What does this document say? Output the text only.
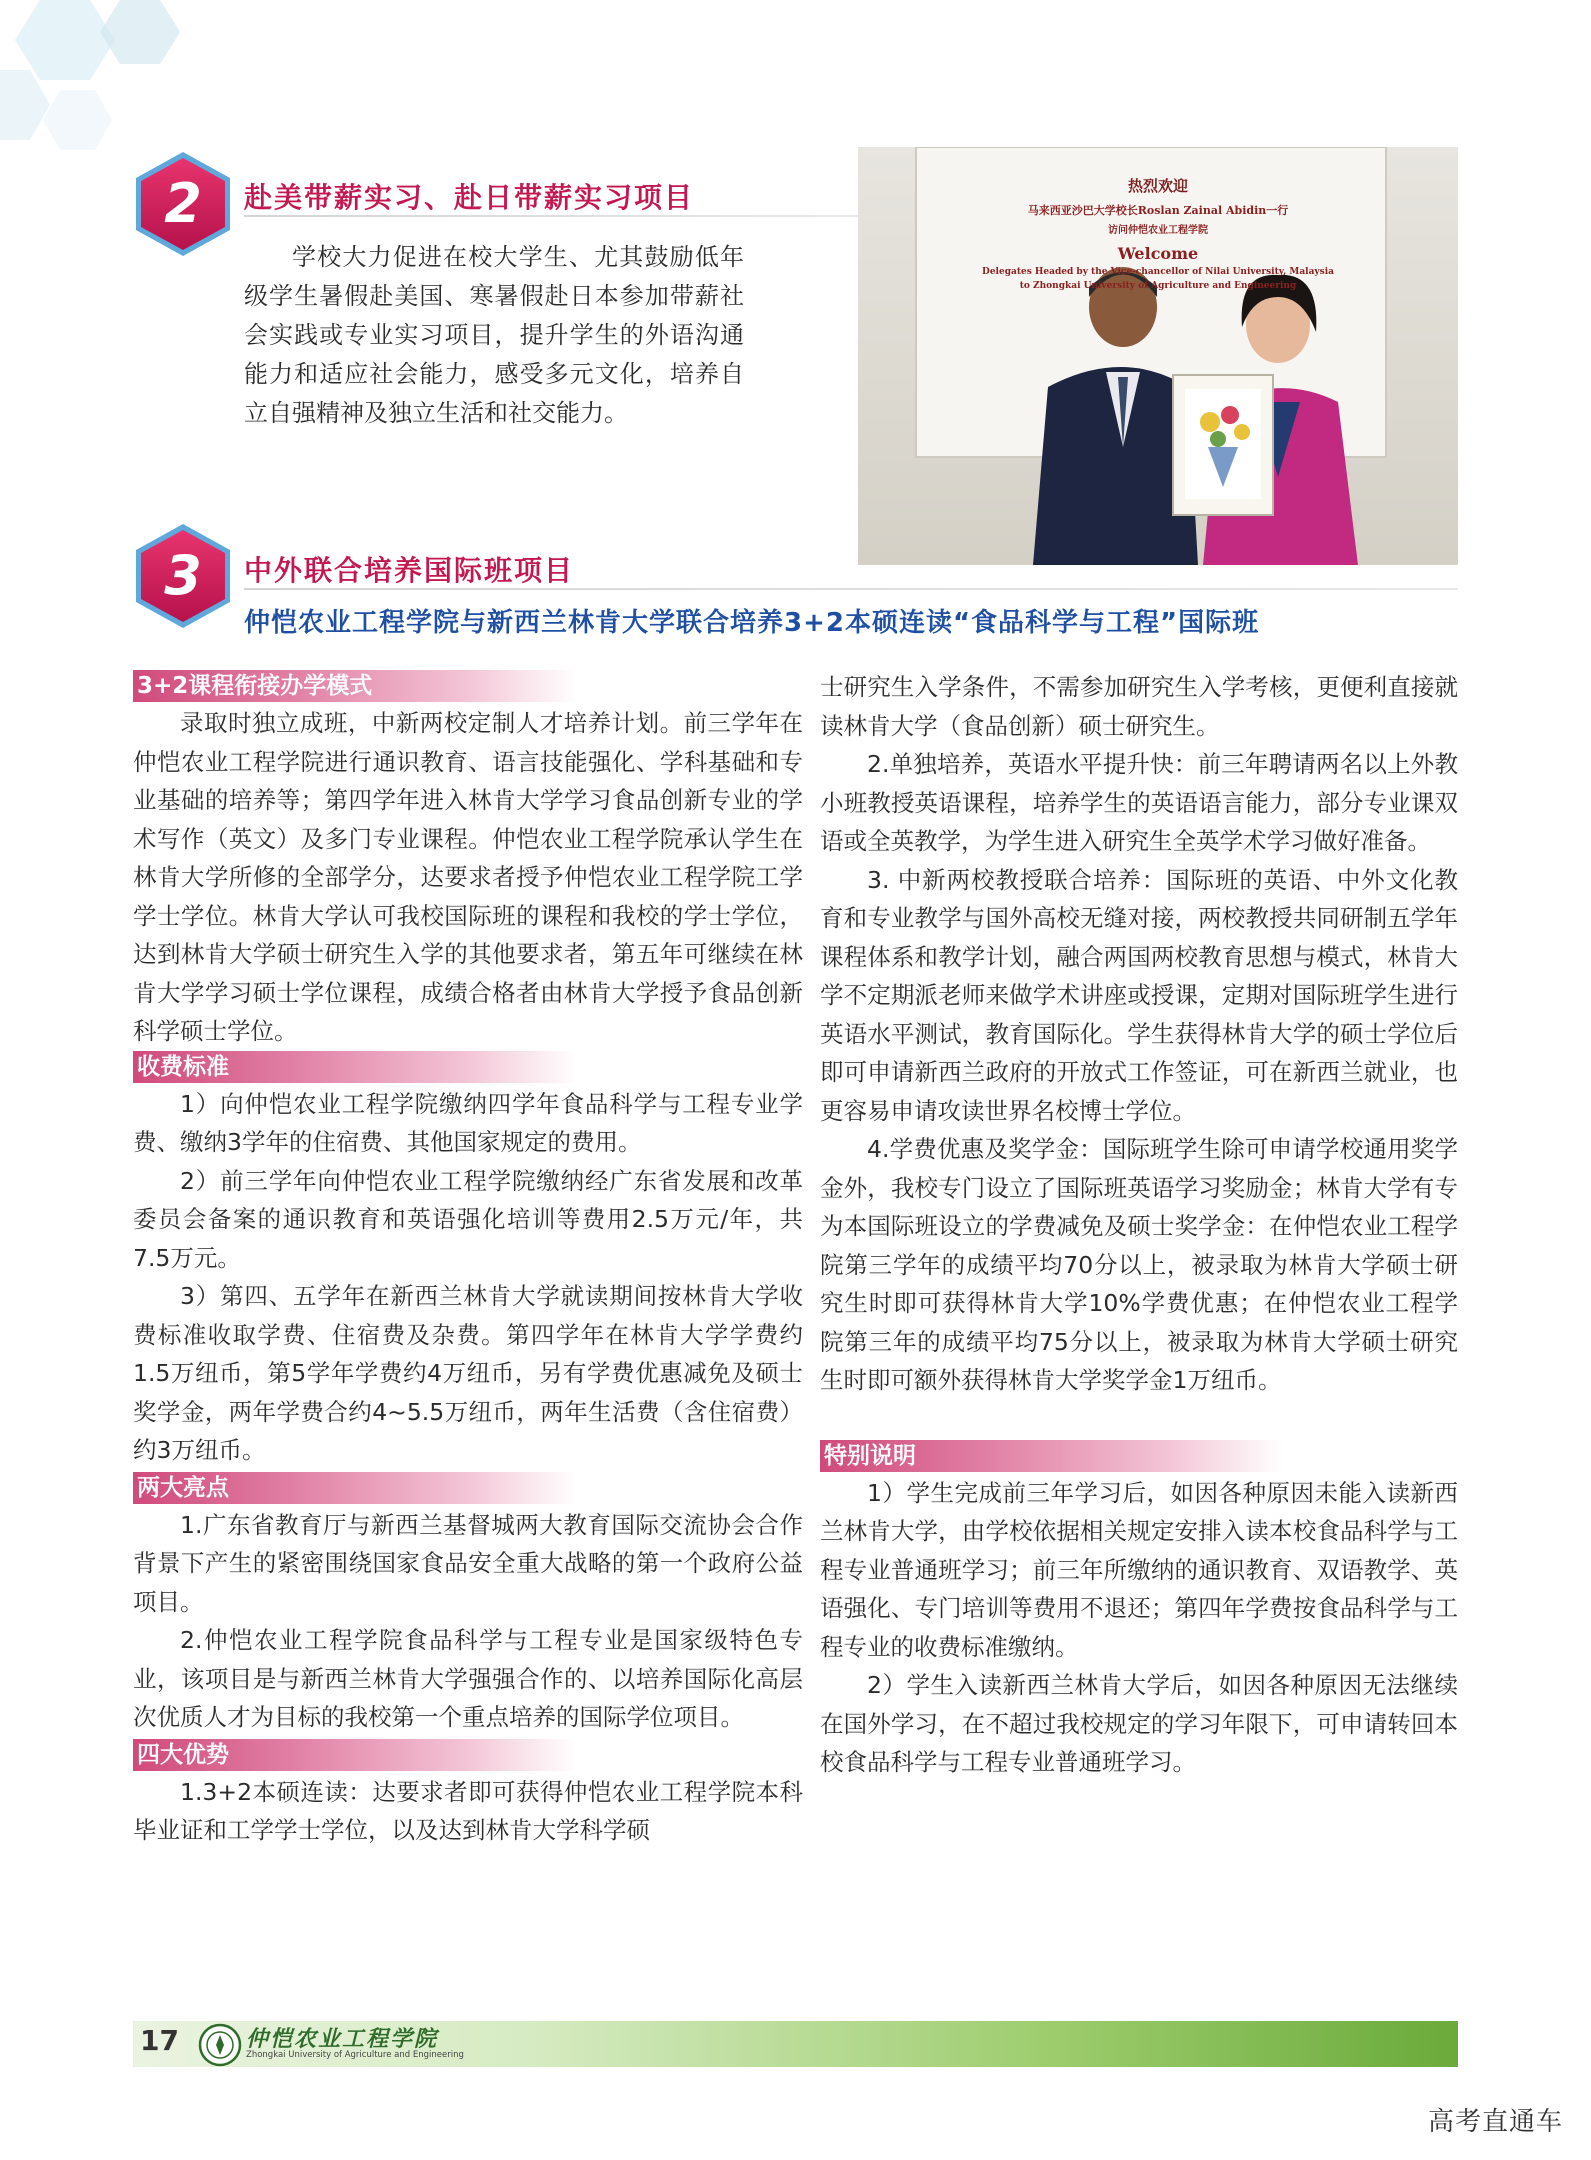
2	赴美带薪实习、赴日带薪实习项目
学校大力促进在校大学生、尤其鼓励低年级学生暑假赴美国、寒暑假赴日本参加带薪社会实践或专业实习项目，提升学生的外语沟通能力和适应社会能力，感受多元文化，培养自立自强精神及独立生活和社交能力。
热烈欢迎
马来西亚沙巴大学校长Roslan Zainal Abidin一行
访问仲恺农业工程学院
Welcome
Delegates Headed by the Vice-chancellor of Nilai University, Malaysia
to Zhongkai University of Agriculture and Engineering
3	中外联合培养国际班项目
仲恺农业工程学院与新西兰林肯大学联合培养3+2本硕连读“食品科学与工程”国际班
3+2课程衔接办学模式

录取时独立成班，中新两校定制人才培养计划。前三学年在仲恺农业工程学院进行通识教育、语言技能强化、学科基础和专业基础的培养等；第四学年进入林肯大学学习食品创新专业的学术写作（英文）及多门专业课程。仲恺农业工程学院承认学生在林肯大学所修的全部学分，达要求者授予仲恺农业工程学院工学学士学位。林肯大学认可我校国际班的课程和我校的学士学位，达到林肯大学硕士研究生入学的其他要求者，第五年可继续在林肯大学学习硕士学位课程，成绩合格者由林肯大学授予食品创新科学硕士学位。

收费标准

1）向仲恺农业工程学院缴纳四学年食品科学与工程专业学费、缴纳3学年的住宿费、其他国家规定的费用。

2）前三学年向仲恺农业工程学院缴纳经广东省发展和改革委员会备案的通识教育和英语强化培训等费用2.5万元/年，共7.5万元。

3）第四、五学年在新西兰林肯大学就读期间按林肯大学收费标准收取学费、住宿费及杂费。第四学年在林肯大学学费约1.5万纽币，第5学年学费约4万纽币，另有学费优惠减免及硕士奖学金，两年学费合约4~5.5万纽币，两年生活费（含住宿费）约3万纽币。

两大亮点

1.广东省教育厅与新西兰基督城两大教育国际交流协会合作背景下产生的紧密围绕国家食品安全重大战略的第一个政府公益项目。

2.仲恺农业工程学院食品科学与工程专业是国家级特色专业，该项目是与新西兰林肯大学强强合作的、以培养国际化高层次优质人才为目标的我校第一个重点培养的国际学位项目。

四大优势

1.3+2本硕连读：达要求者即可获得仲恺农业工程学院本科毕业证和工学学士学位，以及达到林肯大学科学硕

士研究生入学条件，不需参加研究生入学考核，更便利直接就读林肯大学（食品创新）硕士研究生。

2.单独培养，英语水平提升快：前三年聘请两名以上外教小班教授英语课程，培养学生的英语语言能力，部分专业课双语或全英教学，为学生进入研究生全英学术学习做好准备。

3. 中新两校教授联合培养：国际班的英语、中外文化教育和专业教学与国外高校无缝对接，两校教授共同研制五学年课程体系和教学计划，融合两国两校教育思想与模式，林肯大学不定期派老师来做学术讲座或授课，定期对国际班学生进行英语水平测试，教育国际化。学生获得林肯大学的硕士学位后即可申请新西兰政府的开放式工作签证，可在新西兰就业，也更容易申请攻读世界名校博士学位。

4.学费优惠及奖学金：国际班学生除可申请学校通用奖学金外，我校专门设立了国际班英语学习奖励金；林肯大学有专为本国际班设立的学费减免及硕士奖学金：在仲恺农业工程学院第三学年的成绩平均70分以上，被录取为林肯大学硕士研究生时即可获得林肯大学10%学费优惠；在仲恺农业工程学院第三年的成绩平均75分以上，被录取为林肯大学硕士研究生时即可额外获得林肯大学奖学金1万纽币。

特别说明

1）学生完成前三年学习后，如因各种原因未能入读新西兰林肯大学，由学校依据相关规定安排入读本校食品科学与工程专业普通班学习；前三年所缴纳的通识教育、双语教学、英语强化、专门培训等费用不退还；第四年学费按食品科学与工程专业的收费标准缴纳。

2）学生入读新西兰林肯大学后，如因各种原因无法继续在国外学习，在不超过我校规定的学习年限下，可申请转回本校食品科学与工程专业普通班学习。

17	仲恺农业工程学院
Zhongkai University of Agriculture and Engineering
高考直通车
